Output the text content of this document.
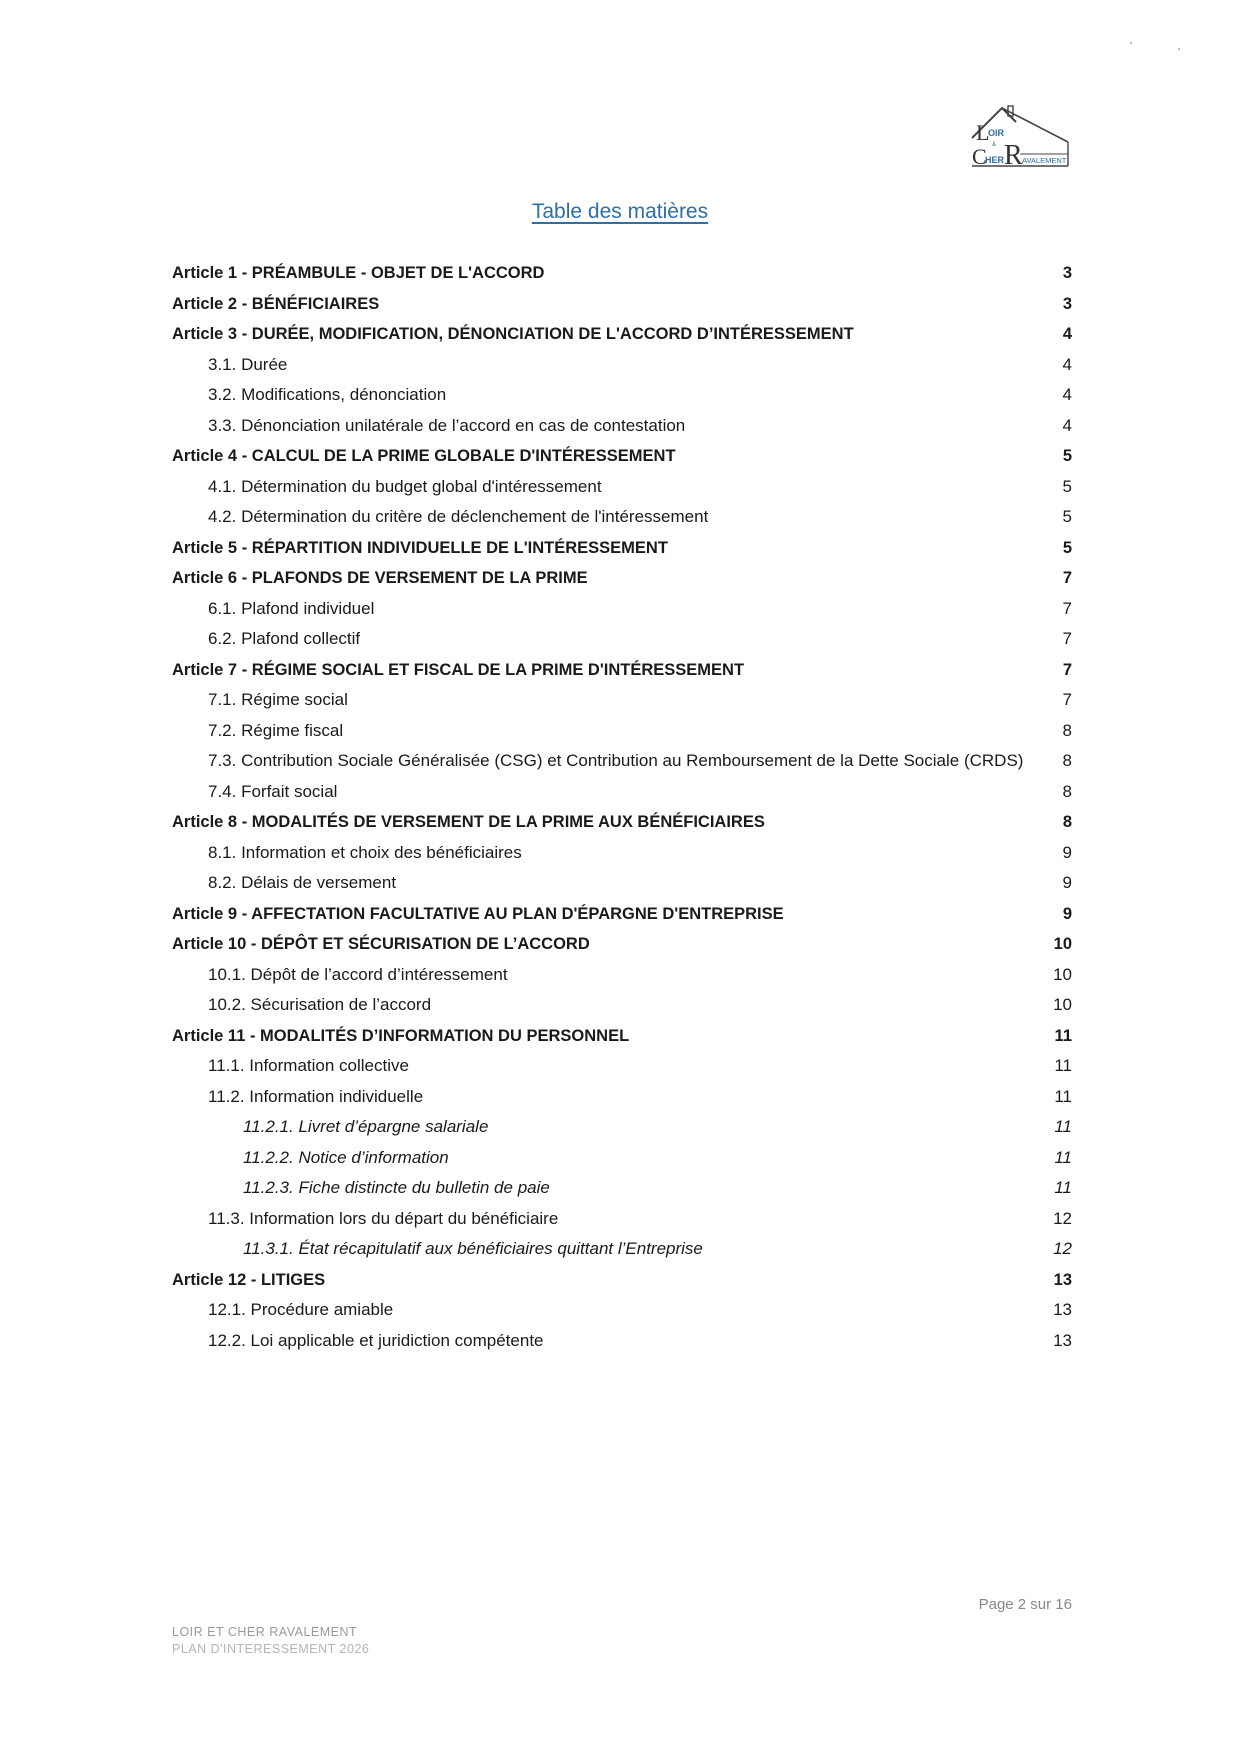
L
OIR
&
C
HER R AVALEMENT
Table des matières
Article 1 - PRÉAMBULE - OBJET DE L'ACCORD	3
Article 2 - BÉNÉFICIAIRES	3
Article 3 - DURÉE, MODIFICATION, DÉNONCIATION DE L'ACCORD D’INTÉRESSEMENT	4
3.1. Durée	4
3.2. Modifications, dénonciation	4
3.3. Dénonciation unilatérale de l’accord en cas de contestation	4
Article 4 - CALCUL DE LA PRIME GLOBALE D'INTÉRESSEMENT	5
4.1. Détermination du budget global d'intéressement	5
4.2. Détermination du critère de déclenchement de l'intéressement	5
Article 5 - RÉPARTITION INDIVIDUELLE DE L'INTÉRESSEMENT	5
Article 6 - PLAFONDS DE VERSEMENT DE LA PRIME	7
6.1. Plafond individuel	7
6.2. Plafond collectif	7
Article 7 - RÉGIME SOCIAL ET FISCAL DE LA PRIME D'INTÉRESSEMENT	7
7.1. Régime social	7
7.2. Régime fiscal	8
7.3. Contribution Sociale Généralisée (CSG) et Contribution au Remboursement de la Dette Sociale (CRDS)	8
7.4. Forfait social	8
Article 8 - MODALITÉS DE VERSEMENT DE LA PRIME AUX BÉNÉFICIAIRES	8
8.1. Information et choix des bénéficiaires	9
8.2. Délais de versement	9
Article 9 - AFFECTATION FACULTATIVE AU PLAN D'ÉPARGNE D'ENTREPRISE	9
Article 10 - DÉPÔT ET SÉCURISATION DE L’ACCORD	10
10.1. Dépôt de l’accord d’intéressement	10
10.2. Sécurisation de l’accord	10
Article 11 - MODALITÉS D’INFORMATION DU PERSONNEL	11
11.1. Information collective	11
11.2. Information individuelle	11
11.2.1. Livret d’épargne salariale	11
11.2.2. Notice d’information	11
11.2.3. Fiche distincte du bulletin de paie	11
11.3. Information lors du départ du bénéficiaire	12
11.3.1. État récapitulatif aux bénéficiaires quittant l’Entreprise	12
Article 12 - LITIGES	13
12.1. Procédure amiable	13
12.2. Loi applicable et juridiction compétente	13
Page 2 sur 16
LOIR ET CHER RAVALEMENT
PLAN D'INTERESSEMENT 2026
